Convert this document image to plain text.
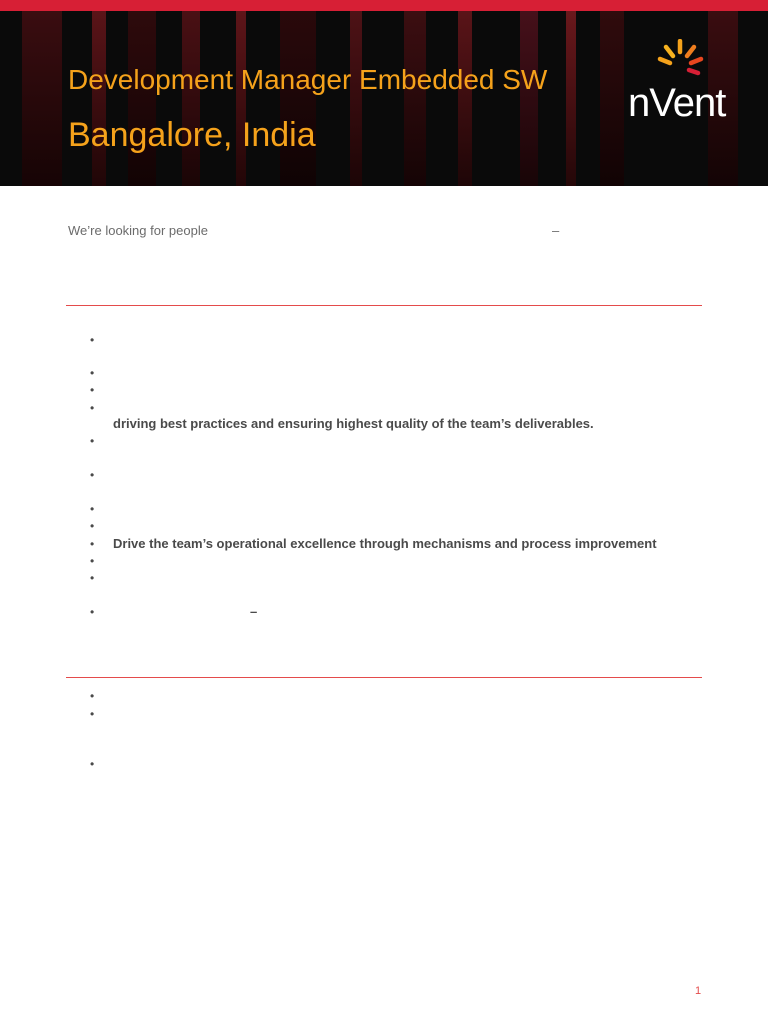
Development Manager Embedded SW
Bangalore, India
nVent
We’re looking for people	–
•
•
•
•
driving best practices and ensuring highest quality of the team’s deliverables.
•
•
•
•
• Drive the team’s operational excellence through mechanisms and process improvement
•
•
•	–
•
•
•
1
